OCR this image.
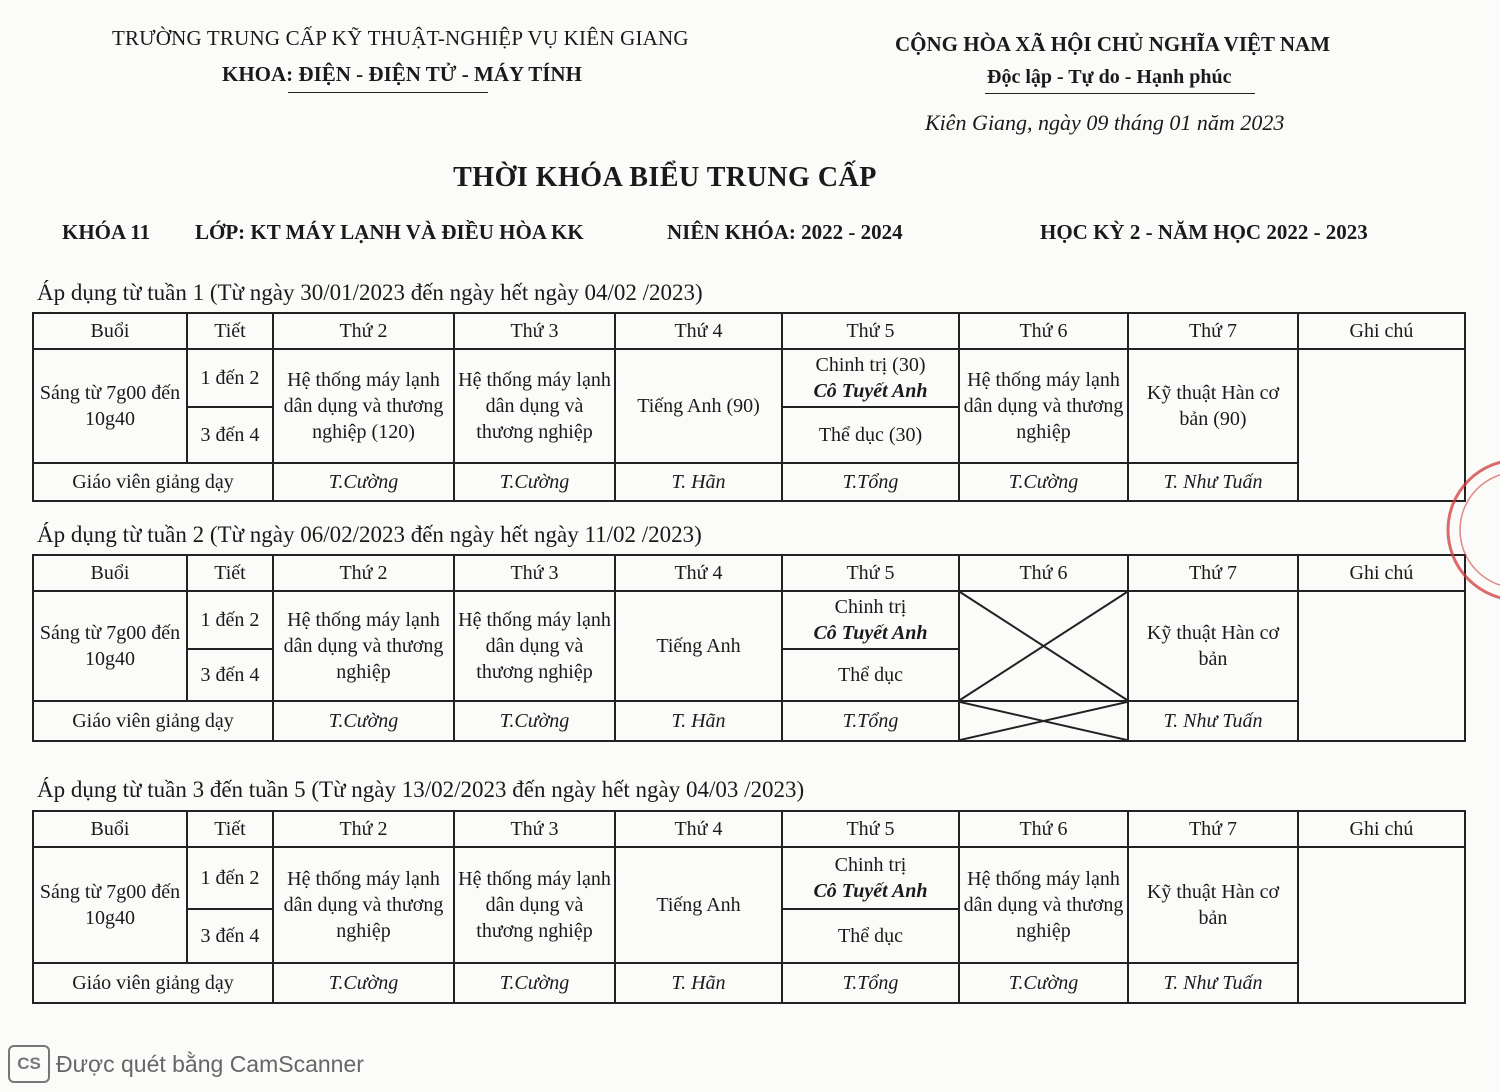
TRƯỜNG TRUNG CẤP KỸ THUẬT-NGHIỆP VỤ KIÊN GIANG
KHOA: ĐIỆN - ĐIỆN TỬ - MÁY TÍNH
CỘNG HÒA XÃ HỘI CHỦ NGHĨA VIỆT NAM
Độc lập - Tự do - Hạnh phúc
Kiên Giang, ngày 09 tháng 01 năm 2023
THỜI KHÓA BIỂU TRUNG CẤP
KHÓA 11 LỚP: KT MÁY LẠNH VÀ ĐIỀU HÒA KK	NIÊN KHÓA: 2022 - 2024	HỌC KỲ 2 - NĂM HỌC 2022 - 2023
Áp dụng từ tuần 1 (Từ ngày 30/01/2023 đến ngày hết ngày 04/02 /2023)
Buổi	Tiết	Thứ 2	Thứ 3	Thứ 4	Thứ 5	Thứ 6	Thứ 7	Ghi chú
Sáng từ 7g00 đến 10g40	1 đến 2	Hệ thống máy lạnh dân dụng và thương nghiệp (120)	Hệ thống máy lạnh dân dụng và thương nghiệp	Tiếng Anh (90)	Chinh trị (30)
Cô Tuyết Anh	Hệ thống máy lạnh dân dụng và thương nghiệp	Kỹ thuật Hàn cơ bản (90)	
	3 đến 4				Thể dục (30)			
Giáo viên giảng dạy		T.Cường	T.Cường	T. Hãn	T.Tổng	T.Cường	T. Như Tuấn	
Áp dụng từ tuần 2 (Từ ngày 06/02/2023 đến ngày hết ngày 11/02 /2023)
Buổi	Tiết	Thứ 2	Thứ 3	Thứ 4	Thứ 5	Thứ 6	Thứ 7	Ghi chú
Sáng từ 7g00 đến 10g40	1 đến 2	Hệ thống máy lạnh dân dụng và thương nghiệp	Hệ thống máy lạnh dân dụng và thương nghiệp	Tiếng Anh	Chinh trị
Cô Tuyết Anh		Kỹ thuật Hàn cơ bản	
	3 đến 4				Thể dục			
Giáo viên giảng dạy		T.Cường	T.Cường	T. Hãn	T.Tổng		T. Như Tuấn	
Áp dụng từ tuần 3 đến tuần 5 (Từ ngày 13/02/2023 đến ngày hết ngày 04/03 /2023)
Buổi	Tiết	Thứ 2	Thứ 3	Thứ 4	Thứ 5	Thứ 6	Thứ 7	Ghi chú
Sáng từ 7g00 đến 10g40	1 đến 2	Hệ thống máy lạnh dân dụng và thương nghiệp	Hệ thống máy lạnh dân dụng và thương nghiệp	Tiếng Anh	Chinh trị
Cô Tuyết Anh	Hệ thống máy lạnh dân dụng và thương nghiệp	Kỹ thuật Hàn cơ bản	
	3 đến 4				Thể dục			
Giáo viên giảng dạy		T.Cường	T.Cường	T. Hãn	T.Tổng	T.Cường	T. Như Tuấn	
CS Được quét bằng CamScanner
